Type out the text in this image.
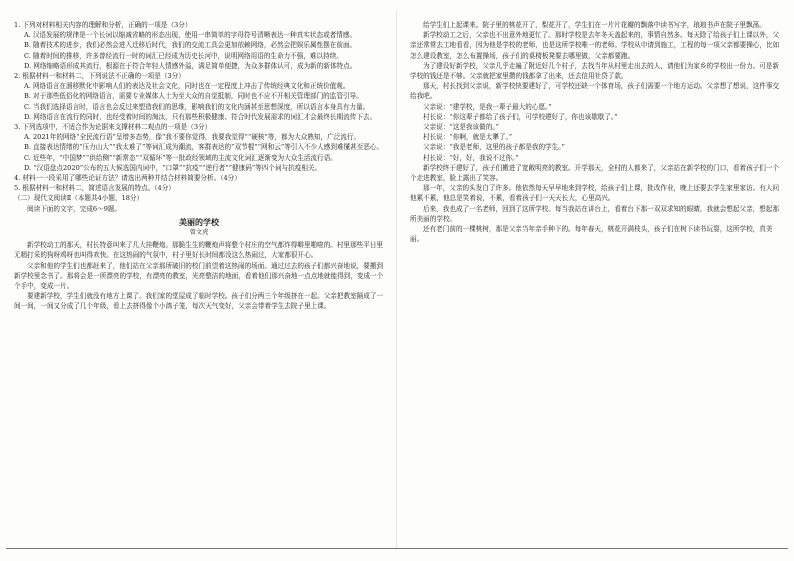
1. 下列对材料相关内容的理解和分析，正确的一项是（3分）

A. 汉语发展的规律是一个长词以缩减省略的形态出现，使用一串简单的字母符号清晰表达一种真实状态或者情感。

B. 随着技术的进步，我们必然会进入迁移后时代，我们的交流工具会更加依赖网络，必然会把娱乐属性摆在前面。

C. 随着时间的推移，许多曾经流行一时的词汇已经成为历史长河中，说明网络用语的生命力不强，难以持续。

D. 网络缩略语形成其流行，根源在于符合年轻人情感外溢，满足简单便捷，为众多群体认可，成为新的新体特点。

2. 根据材料一和材料二，下列说法不正确的一项是（3分）

A. 网络语言在溜移默化中影响人们的表达及社会文化，同时也在一定程度上冲击了传统经典文化和正统价值观。

B. 对于那些低俗化的网络语言，需要专业媒体人士为至大众的自觉抵制，同时也不应不开相关管理部门的监管引导。

C. 当我们选择语言时，语言也会反过来塑造我们的思维，影响我们的文化内涵甚至思想深度，所以语言本身具有力量。

D. 网络语言在流行的同时，也经受着时间的淘汰，只有那些积极健康、符合时代发展需求的词汇才会最终长期流传下去。

3. 下列选项中，不适合作为论据来支撑材料二观点的一项是（3分）

A. 2021年的网络“全民流行语”呈增多态势，像“我不要你觉得，我要我觉得”“硬核”等，都为大众熟知，广泛流行。

B. 直接表达情绪的“压力山大”“我太难了”等词汇成为潮流，客群表达的“双节棍”“网和云”等引入不少人感到难懂甚至恶心。

C. 近些年，“中国梦”“供给侧”“新常态”“双循环”等一批政经领域的主流文化词汇逐渐变为大众生活流行语。

D. “汉语盘点2020”公布的五大候选国内词中，“口罩”“抗疫”“逆行者”“健康码”等四个词与抗疫相关。

4. 材料一一段采用了哪些论证方法？请选出两种并结合材料简要分析。（4分）

5. 根据材料一和材料二，简述语言发展的特点。（4分）

（二）现代文阅读Ⅱ（本题共4小题，18分）

阅读下面的文字，完成6～9题。

美丽的学校
曾文虎

新学校动工的那天，村长特意叫来了几大挂鞭炮。那脆生生的鞭炮声将整个村庄的空气都炸得噼里啪啦的。村里那些平日里无精打采的狗呀鸡呀也叫得欢快。在这热闹的气氛中，村子里好长时间都没这么热闹过，大家都很开心。

父亲和他的学生们也都赶来了，他们站在父亲那所破旧的校门前望着这热闹的场面。通过过去的孩子们都兴奋地说，要搬到新学校里念书了。那将会是一所漂亮的学校，有漂亮的教室，光亮整洁的地面，看着他们那兴奋地一点点地就能得到，变成一个个手中，变成一片。

要建新学校，学生们就没有地方上课了。我们家的堂屋成了临时学校。孩子们分两三个年级挤在一起。父亲把教室隔成了一间一间，一间又分成了几个年级，看上去挤得像个小鸽子笼，每次天气变好，父亲会带着学生去院子里上课。

给学生们上起课来。院子里的桃花开了，梨花开了，学生们在一片片花瓣的飘落中读书写字，琅琅书声在院子里飘荡。

新学校动工之后，父亲也不出意外地更忙了。那时学校是去年冬天盖起来的，事情自然多。每天除了给孩子们上课以外，父亲还常常去工地看看，因为他是学校的老师，也是这所学校唯一的老师。学校从申请到施工，工程的每一项父亲都要操心，比如怎么建设教室，怎么布置操场，孩子们的桌椅板凳要去哪里做，父亲都要跑。

为了建设好新学校，父亲几乎走遍了附近好几个村子，去找当年从村里走出去的人，请他们为家乡的学校出一份力。可是新学校的钱还是不够。父亲就把家里攒的钱都拿了出来，还去信用社贷了款。

那天，村长找到父亲说，新学校快要建好了，可学校还缺一个体育场，孩子们需要一个地方运动。父亲想了想说，这件事交给我吧。

父亲说：“建学校，是我一辈子最大的心愿。”

村长说：“你这辈子都给了孩子们，可学校建好了，你也该歇歇了。”

父亲说：“这是我该做的。”

村长说：“你啊，就是太犟了。”

父亲说：“我是老师，这里的孩子都是我的学生。”

村长说：“好，好，我说不过你。”

新学校终于建好了，孩子们搬进了宽敞明亮的教室。开学那天，全村的人都来了，父亲站在新学校的门口，看着孩子们一个个走进教室，脸上露出了笑容。

那一年，父亲的头发白了许多。他依然每天早早地来到学校，给孩子们上课，批改作业，晚上还要去学生家里家访。有人问他累不累，他总是笑着说，不累，看着孩子们一天天长大，心里高兴。

后来，我也成了一名老师，回到了这所学校。每当我站在讲台上，看着台下那一双双求知的眼睛，我就会想起父亲，想起那所美丽的学校。

还有老门前的一棵桃树，那是父亲当年亲手种下的。每年春天，桃花开满枝头，孩子们在树下读书玩耍，这所学校，真美丽。
